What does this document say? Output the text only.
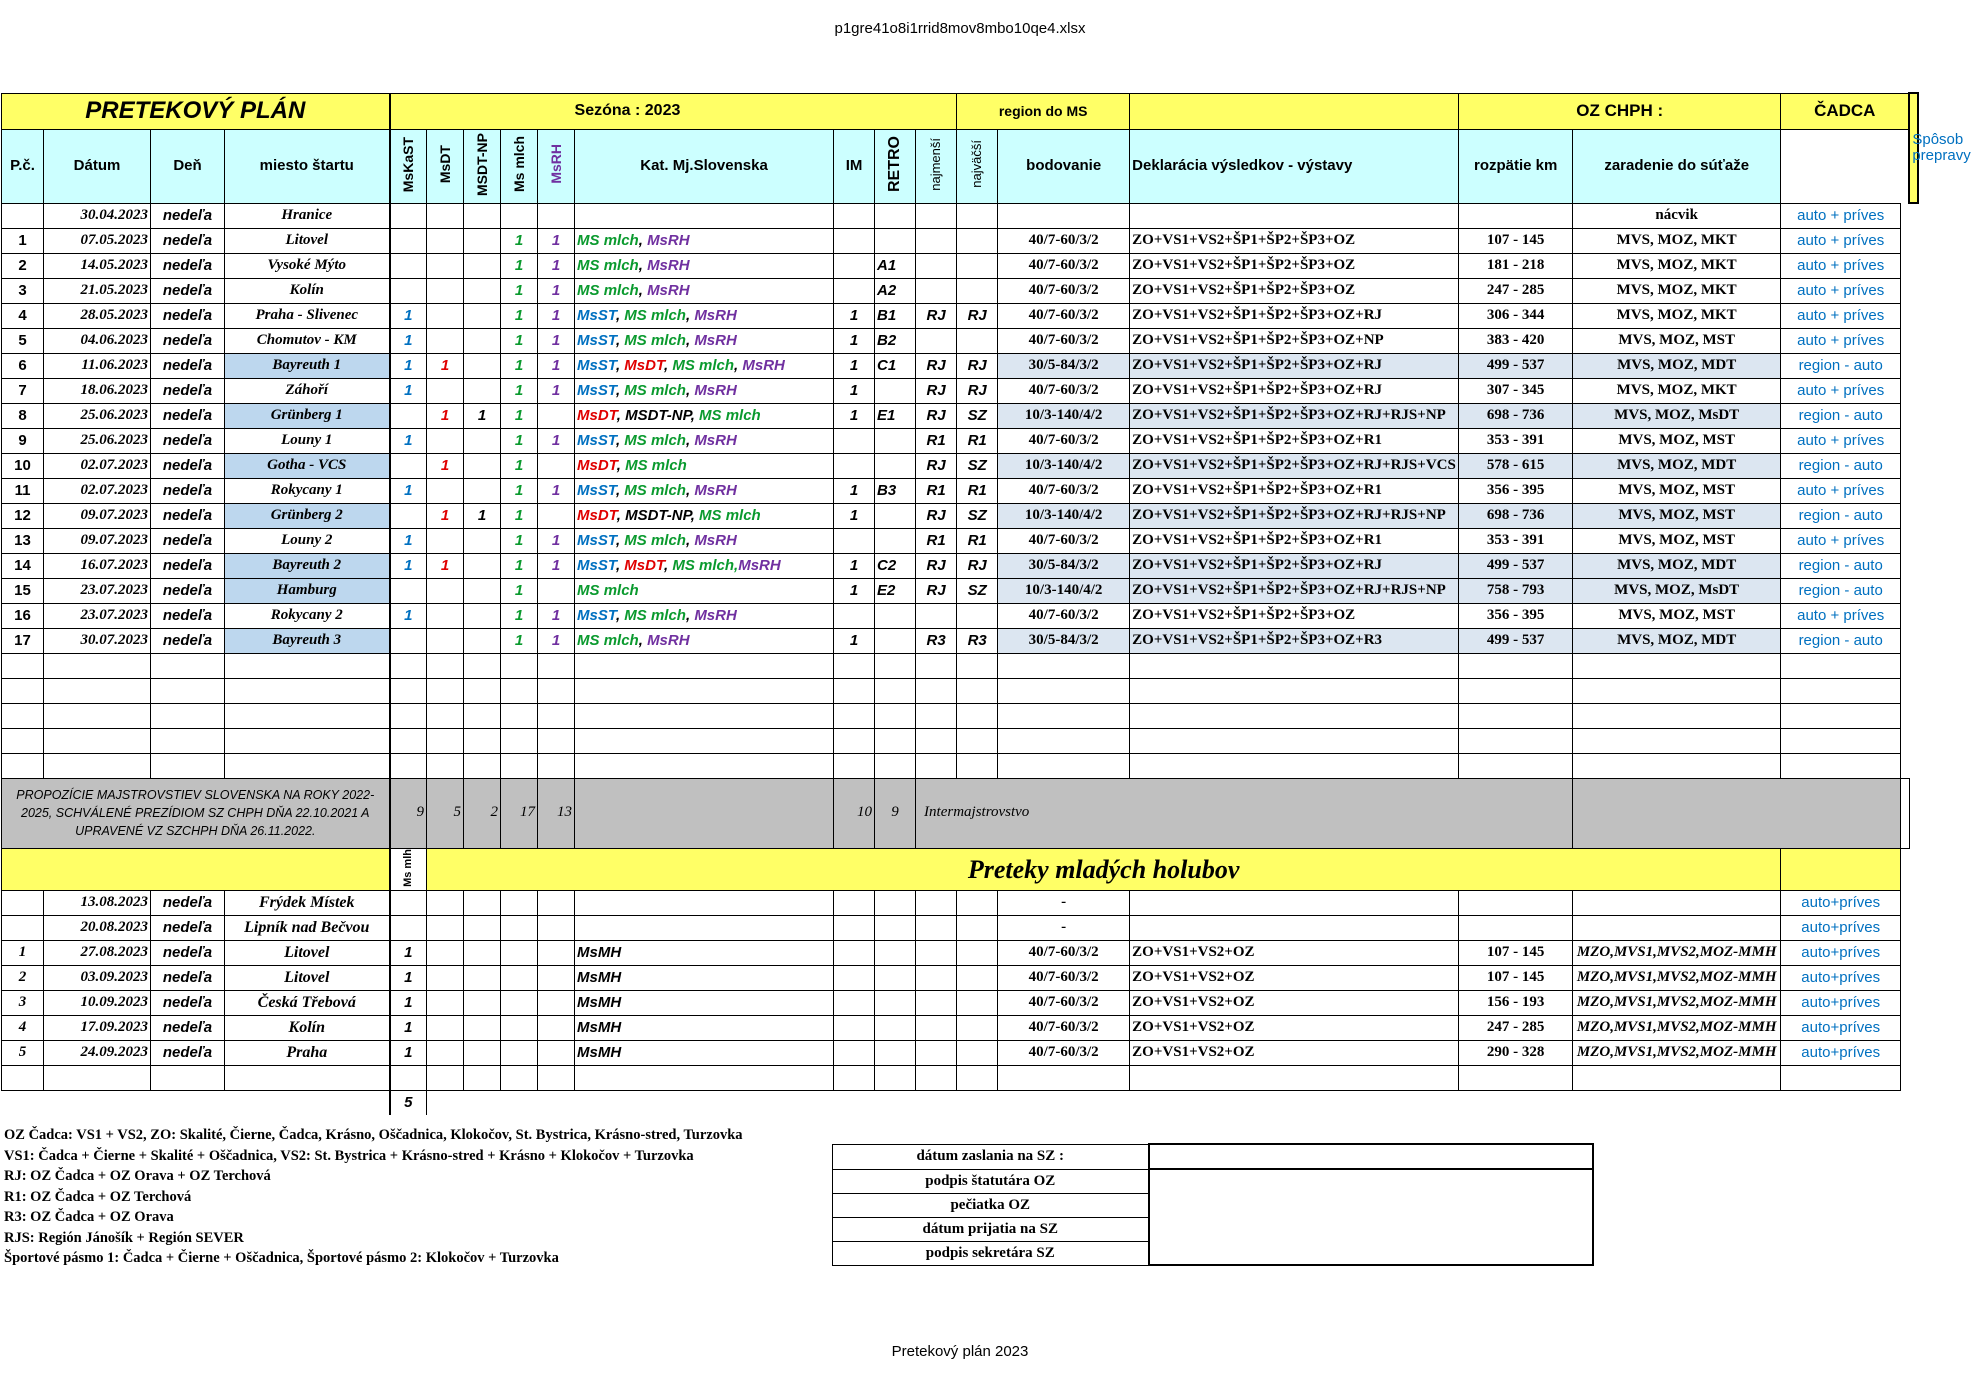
p1gre41o8i1rrid8mov8mbo10qe4.xlsx
PRETEKOVÝ PLÁN				Sezóna : 2023									region do MS			OZ CHPH :		ČADCA		Spôsob prepravy
P.č.	Dátum	Deň	miesto štartu	MsKaST	MsDT	MSDT-NP	Ms mlch	MsRH	Kat. Mj.Slovenska	IM	RETRO	najmenší	najväčší	bodovanie	Deklarácia výsledkov - výstavy	rozpätie km	zaradenie do súťaže			
	30.04.2023	nedeľa	Hranice														nácvik	auto + príves		
1	07.05.2023	nedeľa	Litovel				1	1	MS mlch, MsRH					40/7-60/3/2	ZO+VS1+VS2+ŠP1+ŠP2+ŠP3+OZ	107 - 145	MVS, MOZ, MKT	auto + príves		
2	14.05.2023	nedeľa	Vysoké Mýto				1	1	MS mlch, MsRH		A1			40/7-60/3/2	ZO+VS1+VS2+ŠP1+ŠP2+ŠP3+OZ	181 - 218	MVS, MOZ, MKT	auto + príves		
3	21.05.2023	nedeľa	Kolín				1	1	MS mlch, MsRH		A2			40/7-60/3/2	ZO+VS1+VS2+ŠP1+ŠP2+ŠP3+OZ	247 - 285	MVS, MOZ, MKT	auto + príves		
4	28.05.2023	nedeľa	Praha - Slivenec	1			1	1	MsST, MS mlch, MsRH	1	B1	RJ	RJ	40/7-60/3/2	ZO+VS1+VS2+ŠP1+ŠP2+ŠP3+OZ+RJ	306 - 344	MVS, MOZ, MKT	auto + príves		
5	04.06.2023	nedeľa	Chomutov - KM	1			1	1	MsST, MS mlch, MsRH	1	B2			40/7-60/3/2	ZO+VS1+VS2+ŠP1+ŠP2+ŠP3+OZ+NP	383 - 420	MVS, MOZ, MST	auto + príves		
6	11.06.2023	nedeľa	Bayreuth 1	1	1		1	1	MsST, MsDT, MS mlch, MsRH	1	C1	RJ	RJ	30/5-84/3/2	ZO+VS1+VS2+ŠP1+ŠP2+ŠP3+OZ+RJ	499 - 537	MVS, MOZ, MDT	region - auto		
7	18.06.2023	nedeľa	Záhoří	1			1	1	MsST, MS mlch, MsRH	1		RJ	RJ	40/7-60/3/2	ZO+VS1+VS2+ŠP1+ŠP2+ŠP3+OZ+RJ	307 - 345	MVS, MOZ, MKT	auto + príves		
8	25.06.2023	nedeľa	Grünberg 1		1	1	1		MsDT, MSDT-NP, MS mlch	1	E1	RJ	SZ	10/3-140/4/2	ZO+VS1+VS2+ŠP1+ŠP2+ŠP3+OZ+RJ+RJS+NP	698 - 736	MVS, MOZ, MsDT	region - auto		
9	25.06.2023	nedeľa	Louny 1	1			1	1	MsST, MS mlch, MsRH			R1	R1	40/7-60/3/2	ZO+VS1+VS2+ŠP1+ŠP2+ŠP3+OZ+R1	353 - 391	MVS, MOZ, MST	auto + príves		
10	02.07.2023	nedeľa	Gotha - VCS		1		1		MsDT, MS mlch			RJ	SZ	10/3-140/4/2	ZO+VS1+VS2+ŠP1+ŠP2+ŠP3+OZ+RJ+RJS+VCS	578 - 615	MVS, MOZ, MDT	region - auto		
11	02.07.2023	nedeľa	Rokycany 1	1			1	1	MsST, MS mlch, MsRH	1	B3	R1	R1	40/7-60/3/2	ZO+VS1+VS2+ŠP1+ŠP2+ŠP3+OZ+R1	356 - 395	MVS, MOZ, MST	auto + príves		
12	09.07.2023	nedeľa	Grünberg 2		1	1	1		MsDT, MSDT-NP, MS mlch	1		RJ	SZ	10/3-140/4/2	ZO+VS1+VS2+ŠP1+ŠP2+ŠP3+OZ+RJ+RJS+NP	698 - 736	MVS, MOZ, MST	region - auto		
13	09.07.2023	nedeľa	Louny 2	1			1	1	MsST, MS mlch, MsRH			R1	R1	40/7-60/3/2	ZO+VS1+VS2+ŠP1+ŠP2+ŠP3+OZ+R1	353 - 391	MVS, MOZ, MST	auto + príves		
14	16.07.2023	nedeľa	Bayreuth 2	1	1		1	1	MsST, MsDT, MS mlch,MsRH	1	C2	RJ	RJ	30/5-84/3/2	ZO+VS1+VS2+ŠP1+ŠP2+ŠP3+OZ+RJ	499 - 537	MVS, MOZ, MDT	region - auto		
15	23.07.2023	nedeľa	Hamburg				1		MS mlch	1	E2	RJ	SZ	10/3-140/4/2	ZO+VS1+VS2+ŠP1+ŠP2+ŠP3+OZ+RJ+RJS+NP	758 - 793	MVS, MOZ, MsDT	region - auto		
16	23.07.2023	nedeľa	Rokycany 2	1			1	1	MsST, MS mlch, MsRH					40/7-60/3/2	ZO+VS1+VS2+ŠP1+ŠP2+ŠP3+OZ	356 - 395	MVS, MOZ, MST	auto + príves		
17	30.07.2023	nedeľa	Bayreuth 3				1	1	MS mlch, MsRH	1		R3	R3	30/5-84/3/2	ZO+VS1+VS2+ŠP1+ŠP2+ŠP3+OZ+R3	499 - 537	MVS, MOZ, MDT	region - auto		

PROPOZÍCIE MAJSTROVSTIEV SLOVENSKA NA ROKY 2022-2025, SCHVÁLENÉ PREZÍDIOM SZ CHPH DŇA 22.10.2021 A UPRAVENÉ VZ SZCHPH DŇA 26.11.2022.				9	5	2	17	13		10	9	Intermajstrovstvo								
				Ms mlh	Preteky mladých holubov															
	13.08.2023	nedeľa	Frýdek Místek											-				auto+príves		
	20.08.2023	nedeľa	Lipník nad Bečvou											-				auto+príves		
1	27.08.2023	nedeľa	Litovel	1					MsMH					40/7-60/3/2	ZO+VS1+VS2+OZ	107 - 145	MZO,MVS1,MVS2,MOZ-MMH	auto+príves		
2	03.09.2023	nedeľa	Litovel	1					MsMH					40/7-60/3/2	ZO+VS1+VS2+OZ	107 - 145	MZO,MVS1,MVS2,MOZ-MMH	auto+príves		
3	10.09.2023	nedeľa	Česká Třebová	1					MsMH					40/7-60/3/2	ZO+VS1+VS2+OZ	156 - 193	MZO,MVS1,MVS2,MOZ-MMH	auto+príves		
4	17.09.2023	nedeľa	Kolín	1					MsMH					40/7-60/3/2	ZO+VS1+VS2+OZ	247 - 285	MZO,MVS1,MVS2,MOZ-MMH	auto+príves		
5	24.09.2023	nedeľa	Praha	1					MsMH					40/7-60/3/2	ZO+VS1+VS2+OZ	290 - 328	MZO,MVS1,MVS2,MOZ-MMH	auto+príves		

				5																
OZ Čadca: VS1 + VS2, ZO: Skalité, Čierne, Čadca, Krásno, Oščadnica, Klokočov, St. Bystrica, Krásno-stred, Turzovka
VS1: Čadca + Čierne + Skalité + Oščadnica, VS2: St. Bystrica + Krásno-stred + Krásno + Klokočov + Turzovka
RJ: OZ Čadca + OZ Orava + OZ Terchová
R1: OZ Čadca + OZ Terchová
R3: OZ Čadca + OZ Orava
RJS: Región Jánošík + Región SEVER
Športové pásmo 1: Čadca + Čierne + Oščadnica, Športové pásmo 2: Klokočov + Turzovka
dátum zaslania na SZ :	
podpis štatutára OZ	
pečiatka OZ	
dátum prijatia na SZ	
podpis sekretára SZ	
Pretekový plán 2023
